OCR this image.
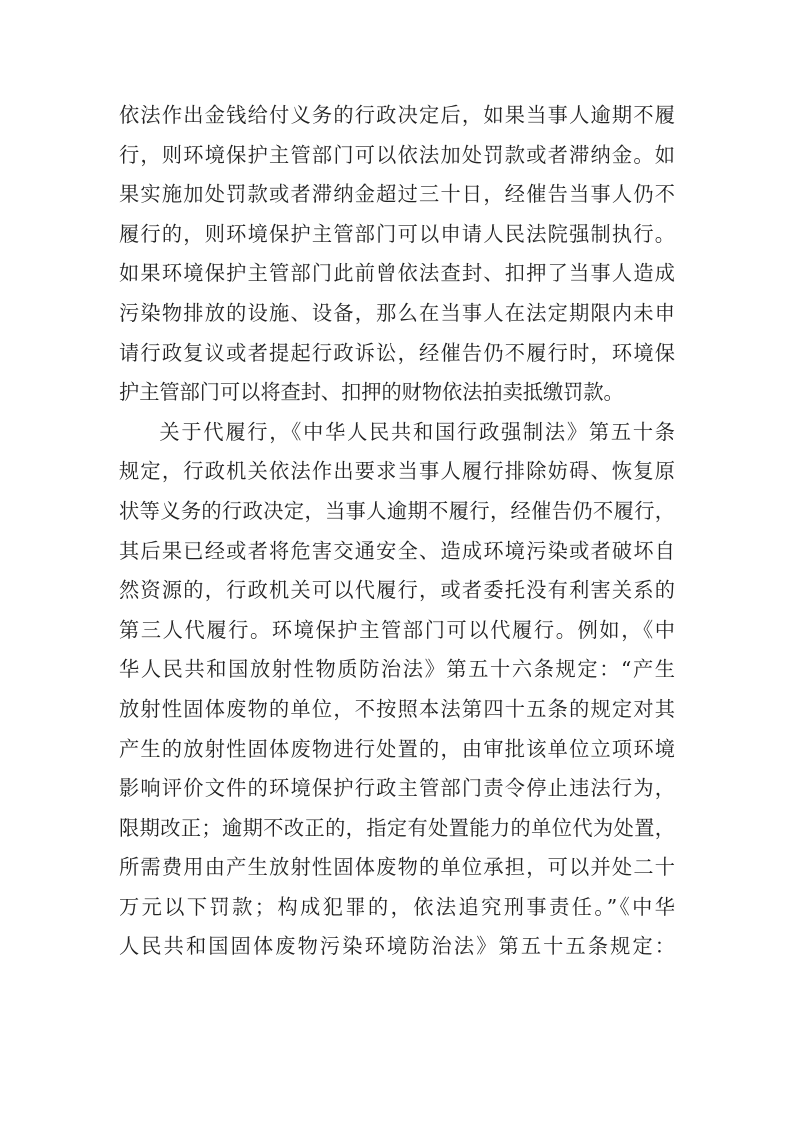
依法作出金钱给付义务的行政决定后，如果当事人逾期不履
行，则环境保护主管部门可以依法加处罚款或者滞纳金。如
果实施加处罚款或者滞纳金超过三十日，经催告当事人仍不
履行的，则环境保护主管部门可以申请人民法院强制执行。
如果环境保护主管部门此前曾依法查封、扣押了当事人造成
污染物排放的设施、设备，那么在当事人在法定期限内未申
请行政复议或者提起行政诉讼，经催告仍不履行时，环境保
护主管部门可以将查封、扣押的财物依法拍卖抵缴罚款。
关于代履行，《中华人民共和国行政强制法》第五十条
规定，行政机关依法作出要求当事人履行排除妨碍、恢复原
状等义务的行政决定，当事人逾期不履行，经催告仍不履行，
其后果已经或者将危害交通安全、造成环境污染或者破坏自
然资源的，行政机关可以代履行，或者委托没有利害关系的
第三人代履行。环境保护主管部门可以代履行。例如，《中
华人民共和国放射性物质防治法》第五十六条规定：“产生
放射性固体废物的单位，不按照本法第四十五条的规定对其
产生的放射性固体废物进行处置的，由审批该单位立项环境
影响评价文件的环境保护行政主管部门责令停止违法行为，
限期改正；逾期不改正的，指定有处置能力的单位代为处置，
所需费用由产生放射性固体废物的单位承担，可以并处二十
万元以下罚款；构成犯罪的，依法追究刑事责任。”《中华
人民共和国固体废物污染环境防治法》第五十五条规定：
